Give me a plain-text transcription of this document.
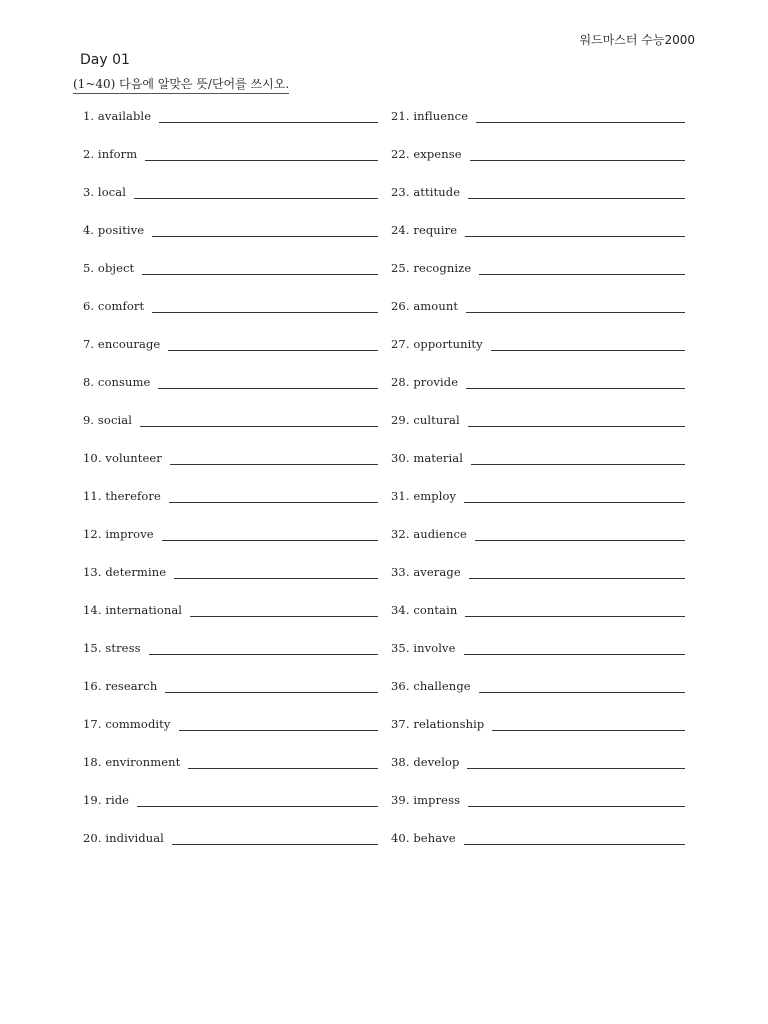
워드마스터 수능2000
Day 01
(1~40) 다음에 알맞은 뜻/단어를 쓰시오.
1. available
2. inform
3. local
4. positive
5. object
6. comfort
7. encourage
8. consume
9. social
10. volunteer
11. therefore
12. improve
13. determine
14. international
15. stress
16. research
17. commodity
18. environment
19. ride
20. individual
21. influence
22. expense
23. attitude
24. require
25. recognize
26. amount
27. opportunity
28. provide
29. cultural
30. material
31. employ
32. audience
33. average
34. contain
35. involve
36. challenge
37. relationship
38. develop
39. impress
40. behave
